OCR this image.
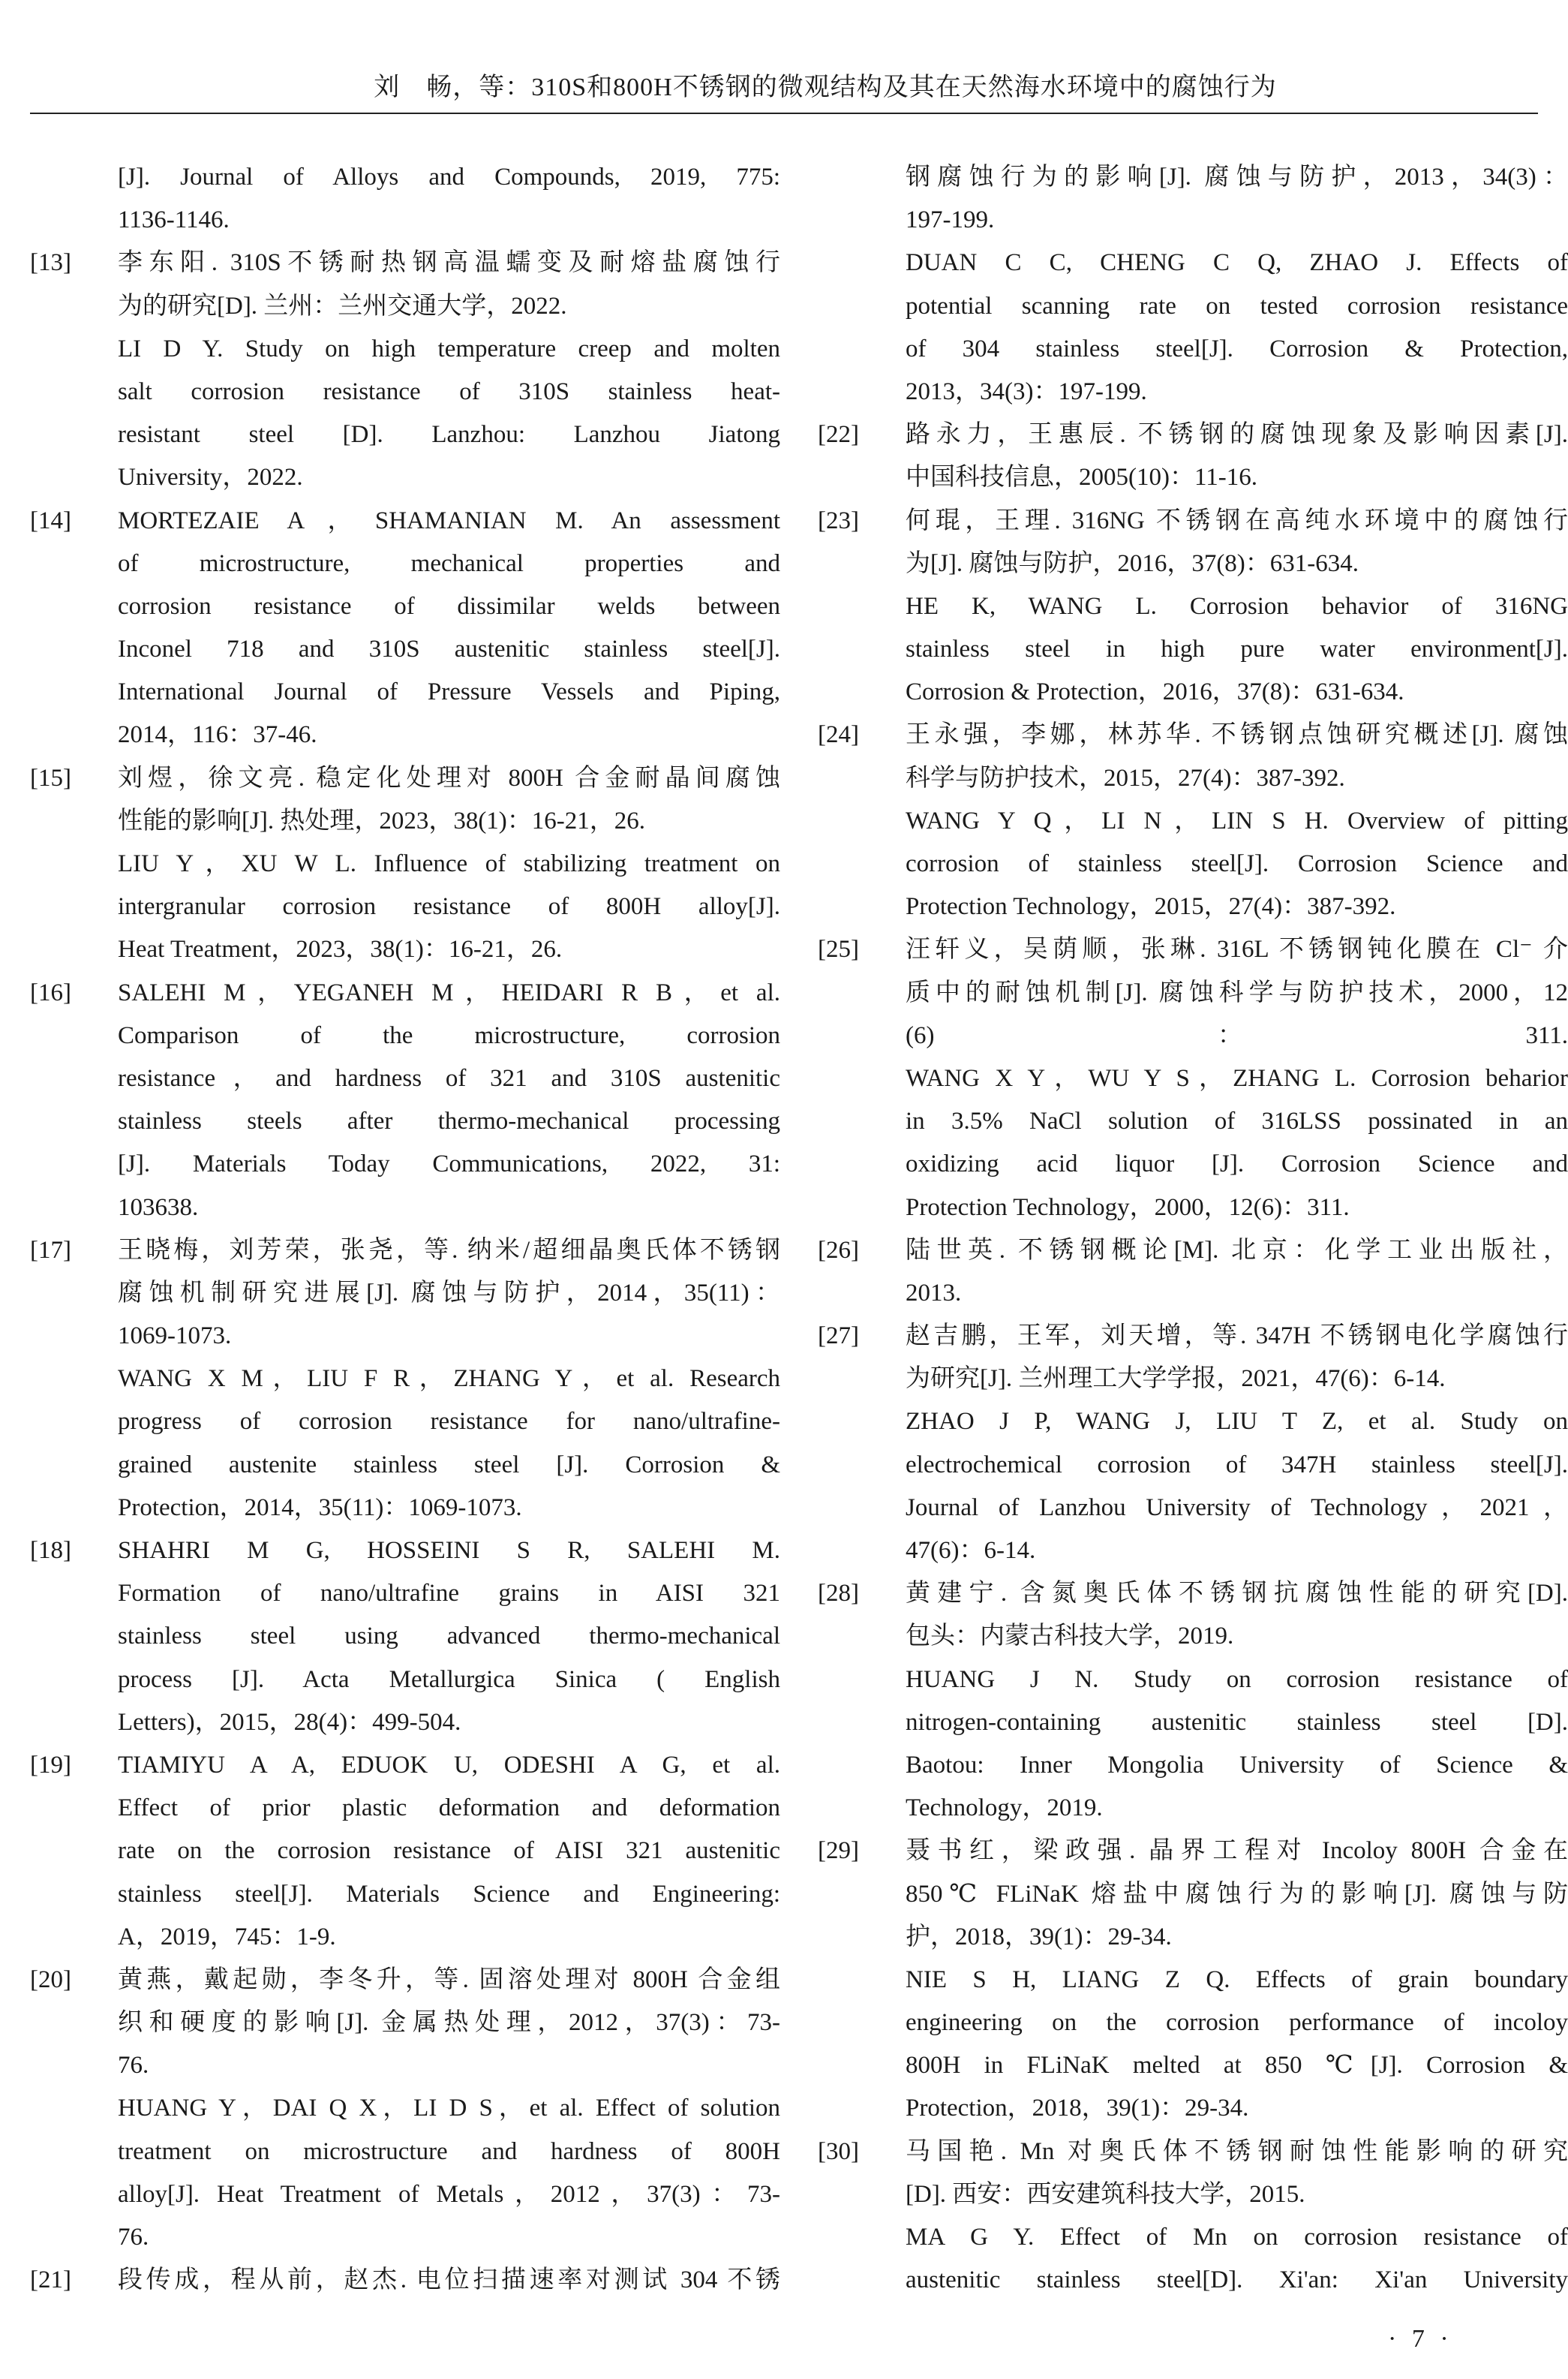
刘　畅，等：310S和800H不锈钢的微观结构及其在天然海水环境中的腐蚀行为
[J]. Journal of Alloys and Compounds, 2019, 775:
1136-1146.
[13]	李东阳. 310S不锈耐热钢高温蠕变及耐熔盐腐蚀行
为的研究[D]. 兰州：兰州交通大学，2022.
LI D Y. Study on high temperature creep and molten
salt corrosion resistance of 310S stainless heat-
resistant steel [D]. Lanzhou: Lanzhou Jiatong
University，2022.
[14]	MORTEZAIE A，SHAMANIAN M. An assessment
of microstructure, mechanical properties and
corrosion resistance of dissimilar welds between
Inconel 718 and 310S austenitic stainless steel[J].
International Journal of Pressure Vessels and Piping,
2014，116：37-46.
[15]	刘煜，徐文亮. 稳定化处理对 800H 合金耐晶间腐蚀
性能的影响[J]. 热处理，2023，38(1)：16-21，26.
LIU Y，XU W L. Influence of stabilizing treatment on
intergranular corrosion resistance of 800H alloy[J].
Heat Treatment，2023，38(1)：16-21，26.
[16]	SALEHI M，YEGANEH M，HEIDARI R B，et al.
Comparison of the microstructure, corrosion
resistance，and hardness of 321 and 310S austenitic
stainless steels after thermo-mechanical processing
[J]. Materials Today Communications, 2022, 31:
103638.
[17]	王晓梅，刘芳荣，张尧，等. 纳米/超细晶奥氏体不锈钢
腐蚀机制研究进展[J]. 腐蚀与防护，2014，35(11)：
1069-1073.
WANG X M，LIU F R，ZHANG Y，et al. Research
progress of corrosion resistance for nano/ultrafine-
grained austenite stainless steel [J]. Corrosion &
Protection，2014，35(11)：1069-1073.
[18]	SHAHRI M G, HOSSEINI S R, SALEHI M.
Formation of nano/ultrafine grains in AISI 321
stainless steel using advanced thermo-mechanical
process [J]. Acta Metallurgica Sinica ( English
Letters)，2015，28(4)：499-504.
[19]	TIAMIYU A A, EDUOK U, ODESHI A G, et al.
Effect of prior plastic deformation and deformation
rate on the corrosion resistance of AISI 321 austenitic
stainless steel[J]. Materials Science and Engineering:
A，2019，745：1-9.
[20]	黄燕，戴起勋，李冬升，等. 固溶处理对 800H 合金组
织和硬度的影响[J]. 金属热处理，2012，37(3)：73-
76.
HUANG Y，DAI Q X，LI D S，et al. Effect of solution
treatment on microstructure and hardness of 800H
alloy[J]. Heat Treatment of Metals，2012，37(3)：73-
76.
[21]	段传成，程从前，赵杰. 电位扫描速率对测试 304 不锈
钢腐蚀行为的影响[J]. 腐蚀与防护，2013，34(3)：
197-199.
DUAN C C, CHENG C Q, ZHAO J. Effects of
potential scanning rate on tested corrosion resistance
of 304 stainless steel[J]. Corrosion & Protection,
2013，34(3)：197-199.
[22]	路永力，王惠辰. 不锈钢的腐蚀现象及影响因素[J].
中国科技信息，2005(10)：11-16.
[23]	何琨，王理. 316NG 不锈钢在高纯水环境中的腐蚀行
为[J]. 腐蚀与防护，2016，37(8)：631-634.
HE K, WANG L. Corrosion behavior of 316NG
stainless steel in high pure water environment[J].
Corrosion & Protection，2016，37(8)：631-634.
[24]	王永强，李娜，林苏华. 不锈钢点蚀研究概述[J]. 腐蚀
科学与防护技术，2015，27(4)：387-392.
WANG Y Q，LI N，LIN S H. Overview of pitting
corrosion of stainless steel[J]. Corrosion Science and
Protection Technology，2015，27(4)：387-392.
[25]	汪轩义，吴荫顺，张琳. 316L 不锈钢钝化膜在 Cl⁻ 介
质中的耐蚀机制[J]. 腐蚀科学与防护技术，2000，12
(6)：311.
WANG X Y，WU Y S，ZHANG L. Corrosion beharior
in 3.5% NaCl solution of 316LSS possinated in an
oxidizing acid liquor [J]. Corrosion Science and
Protection Technology，2000，12(6)：311.
[26]	陆世英. 不锈钢概论[M]. 北京：化学工业出版社，
2013.
[27]	赵吉鹏，王军，刘天增，等. 347H 不锈钢电化学腐蚀行
为研究[J]. 兰州理工大学学报，2021，47(6)：6-14.
ZHAO J P, WANG J, LIU T Z, et al. Study on
electrochemical corrosion of 347H stainless steel[J].
Journal of Lanzhou University of Technology，2021，
47(6)：6-14.
[28]	黄建宁. 含氮奥氏体不锈钢抗腐蚀性能的研究[D].
包头：内蒙古科技大学，2019.
HUANG J N. Study on corrosion resistance of
nitrogen-containing austenitic stainless steel [D].
Baotou: Inner Mongolia University of Science &
Technology，2019.
[29]	聂书红，梁政强. 晶界工程对 Incoloy 800H 合金在
850℃ FLiNaK 熔盐中腐蚀行为的影响[J]. 腐蚀与防
护，2018，39(1)：29-34.
NIE S H, LIANG Z Q. Effects of grain boundary
engineering on the corrosion performance of incoloy
800H in FLiNaK melted at 850 ℃[J]. Corrosion &
Protection，2018，39(1)：29-34.
[30]	马国艳. Mn 对奥氏体不锈钢耐蚀性能影响的研究
[D]. 西安：西安建筑科技大学，2015.
MA G Y. Effect of Mn on corrosion resistance of
austenitic stainless steel[D]. Xi'an: Xi'an University
· 7 ·
